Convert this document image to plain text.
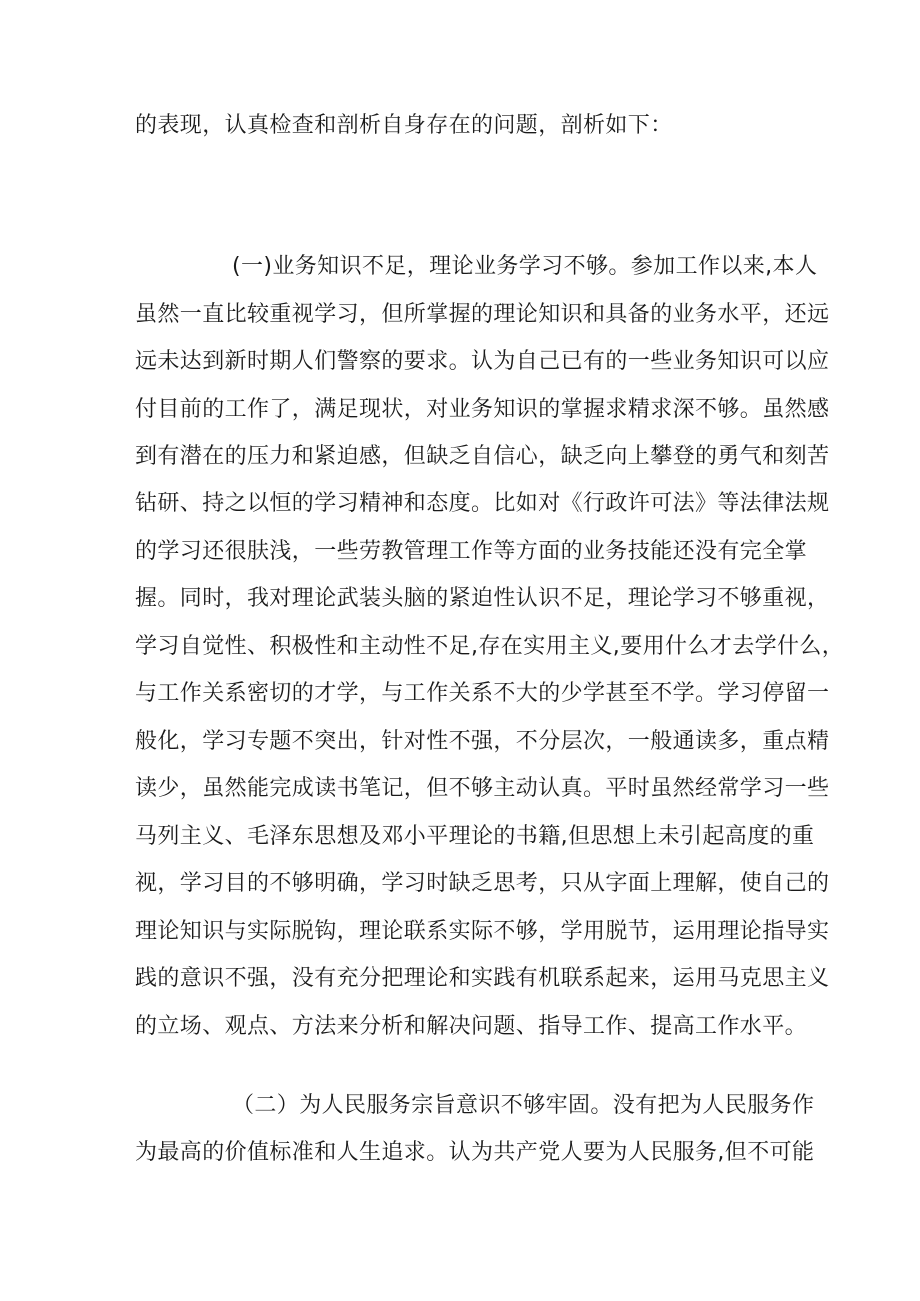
的表现，认真检查和剖析自身存在的问题，剖析如下：
(一)业务知识不足，理论业务学习不够。参加工作以来,本人
虽然一直比较重视学习，但所掌握的理论知识和具备的业务水平，还远
远未达到新时期人们警察的要求。认为自己已有的一些业务知识可以应
付目前的工作了，满足现状，对业务知识的掌握求精求深不够。虽然感
到有潜在的压力和紧迫感，但缺乏自信心，缺乏向上攀登的勇气和刻苦
钻研、持之以恒的学习精神和态度。比如对《行政许可法》等法律法规
的学习还很肤浅，一些劳教管理工作等方面的业务技能还没有完全掌
握。同时，我对理论武装头脑的紧迫性认识不足，理论学习不够重视，
学习自觉性、积极性和主动性不足,存在实用主义,要用什么才去学什么，
与工作关系密切的才学，与工作关系不大的少学甚至不学。学习停留一
般化，学习专题不突出，针对性不强，不分层次，一般通读多，重点精
读少，虽然能完成读书笔记，但不够主动认真。平时虽然经常学习一些
马列主义、毛泽东思想及邓小平理论的书籍,但思想上未引起高度的重
视，学习目的不够明确，学习时缺乏思考，只从字面上理解，使自己的
理论知识与实际脱钩，理论联系实际不够，学用脱节，运用理论指导实
践的意识不强，没有充分把理论和实践有机联系起来，运用马克思主义
的立场、观点、方法来分析和解决问题、指导工作、提高工作水平。
（二）为人民服务宗旨意识不够牢固。没有把为人民服务作
为最高的价值标准和人生追求。认为共产党人要为人民服务,但不可能
